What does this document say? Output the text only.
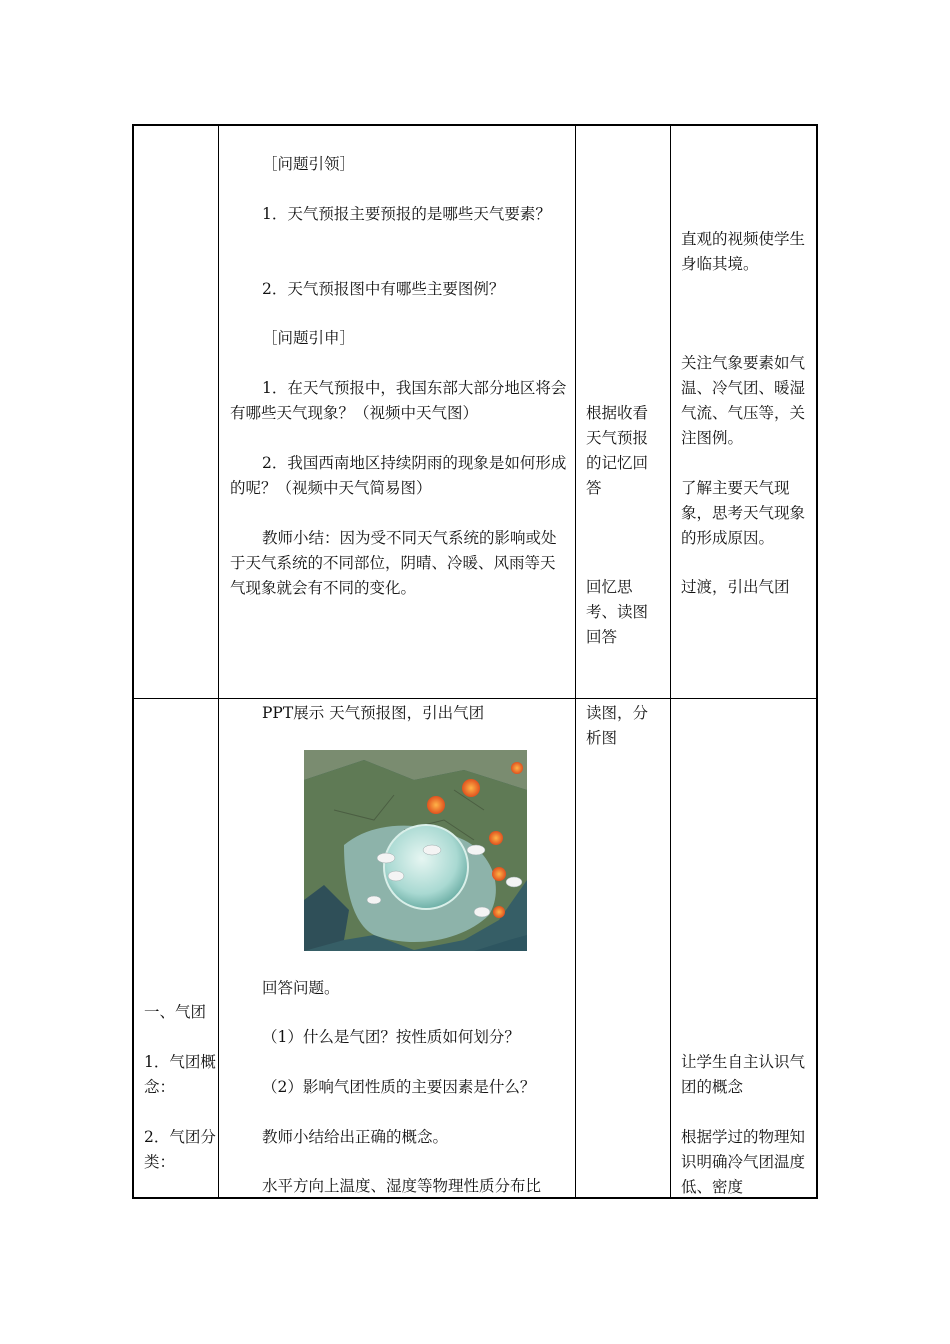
［问题引领］

1．天气预报主要预报的是哪些天气要素？

2．天气预报图中有哪些主要图例？

［问题引申］

1．在天气预报中，我国东部大部分地区将会有哪些天气现象？（视频中天气图）

2．我国西南地区持续阴雨的现象是如何形成的呢？（视频中天气简易图）

教师小结：因为受不同天气系统的影响或处于天气系统的不同部位，阴晴、冷暖、风雨等天气现象就会有不同的变化。

根据收看天气预报的记忆回答

回忆思考、读图回答

直观的视频使学生身临其境。

关注气象要素如气温、冷气团、暖湿气流、气压等，关注图例。

了解主要天气现象，思考天气现象的形成原因。

过渡，引出气团

PPT展示 天气预报图，引出气团

回答问题。

（1）什么是气团？按性质如何划分？

（2）影响气团性质的主要因素是什么？

教师小结给出正确的概念。

水平方向上温度、湿度等物理性质分布比

一、气团

1．气团概念：

2．气团分类：

读图，分析图

让学生自主认识气团的概念

根据学过的物理知识明确冷气团温度低、密度
